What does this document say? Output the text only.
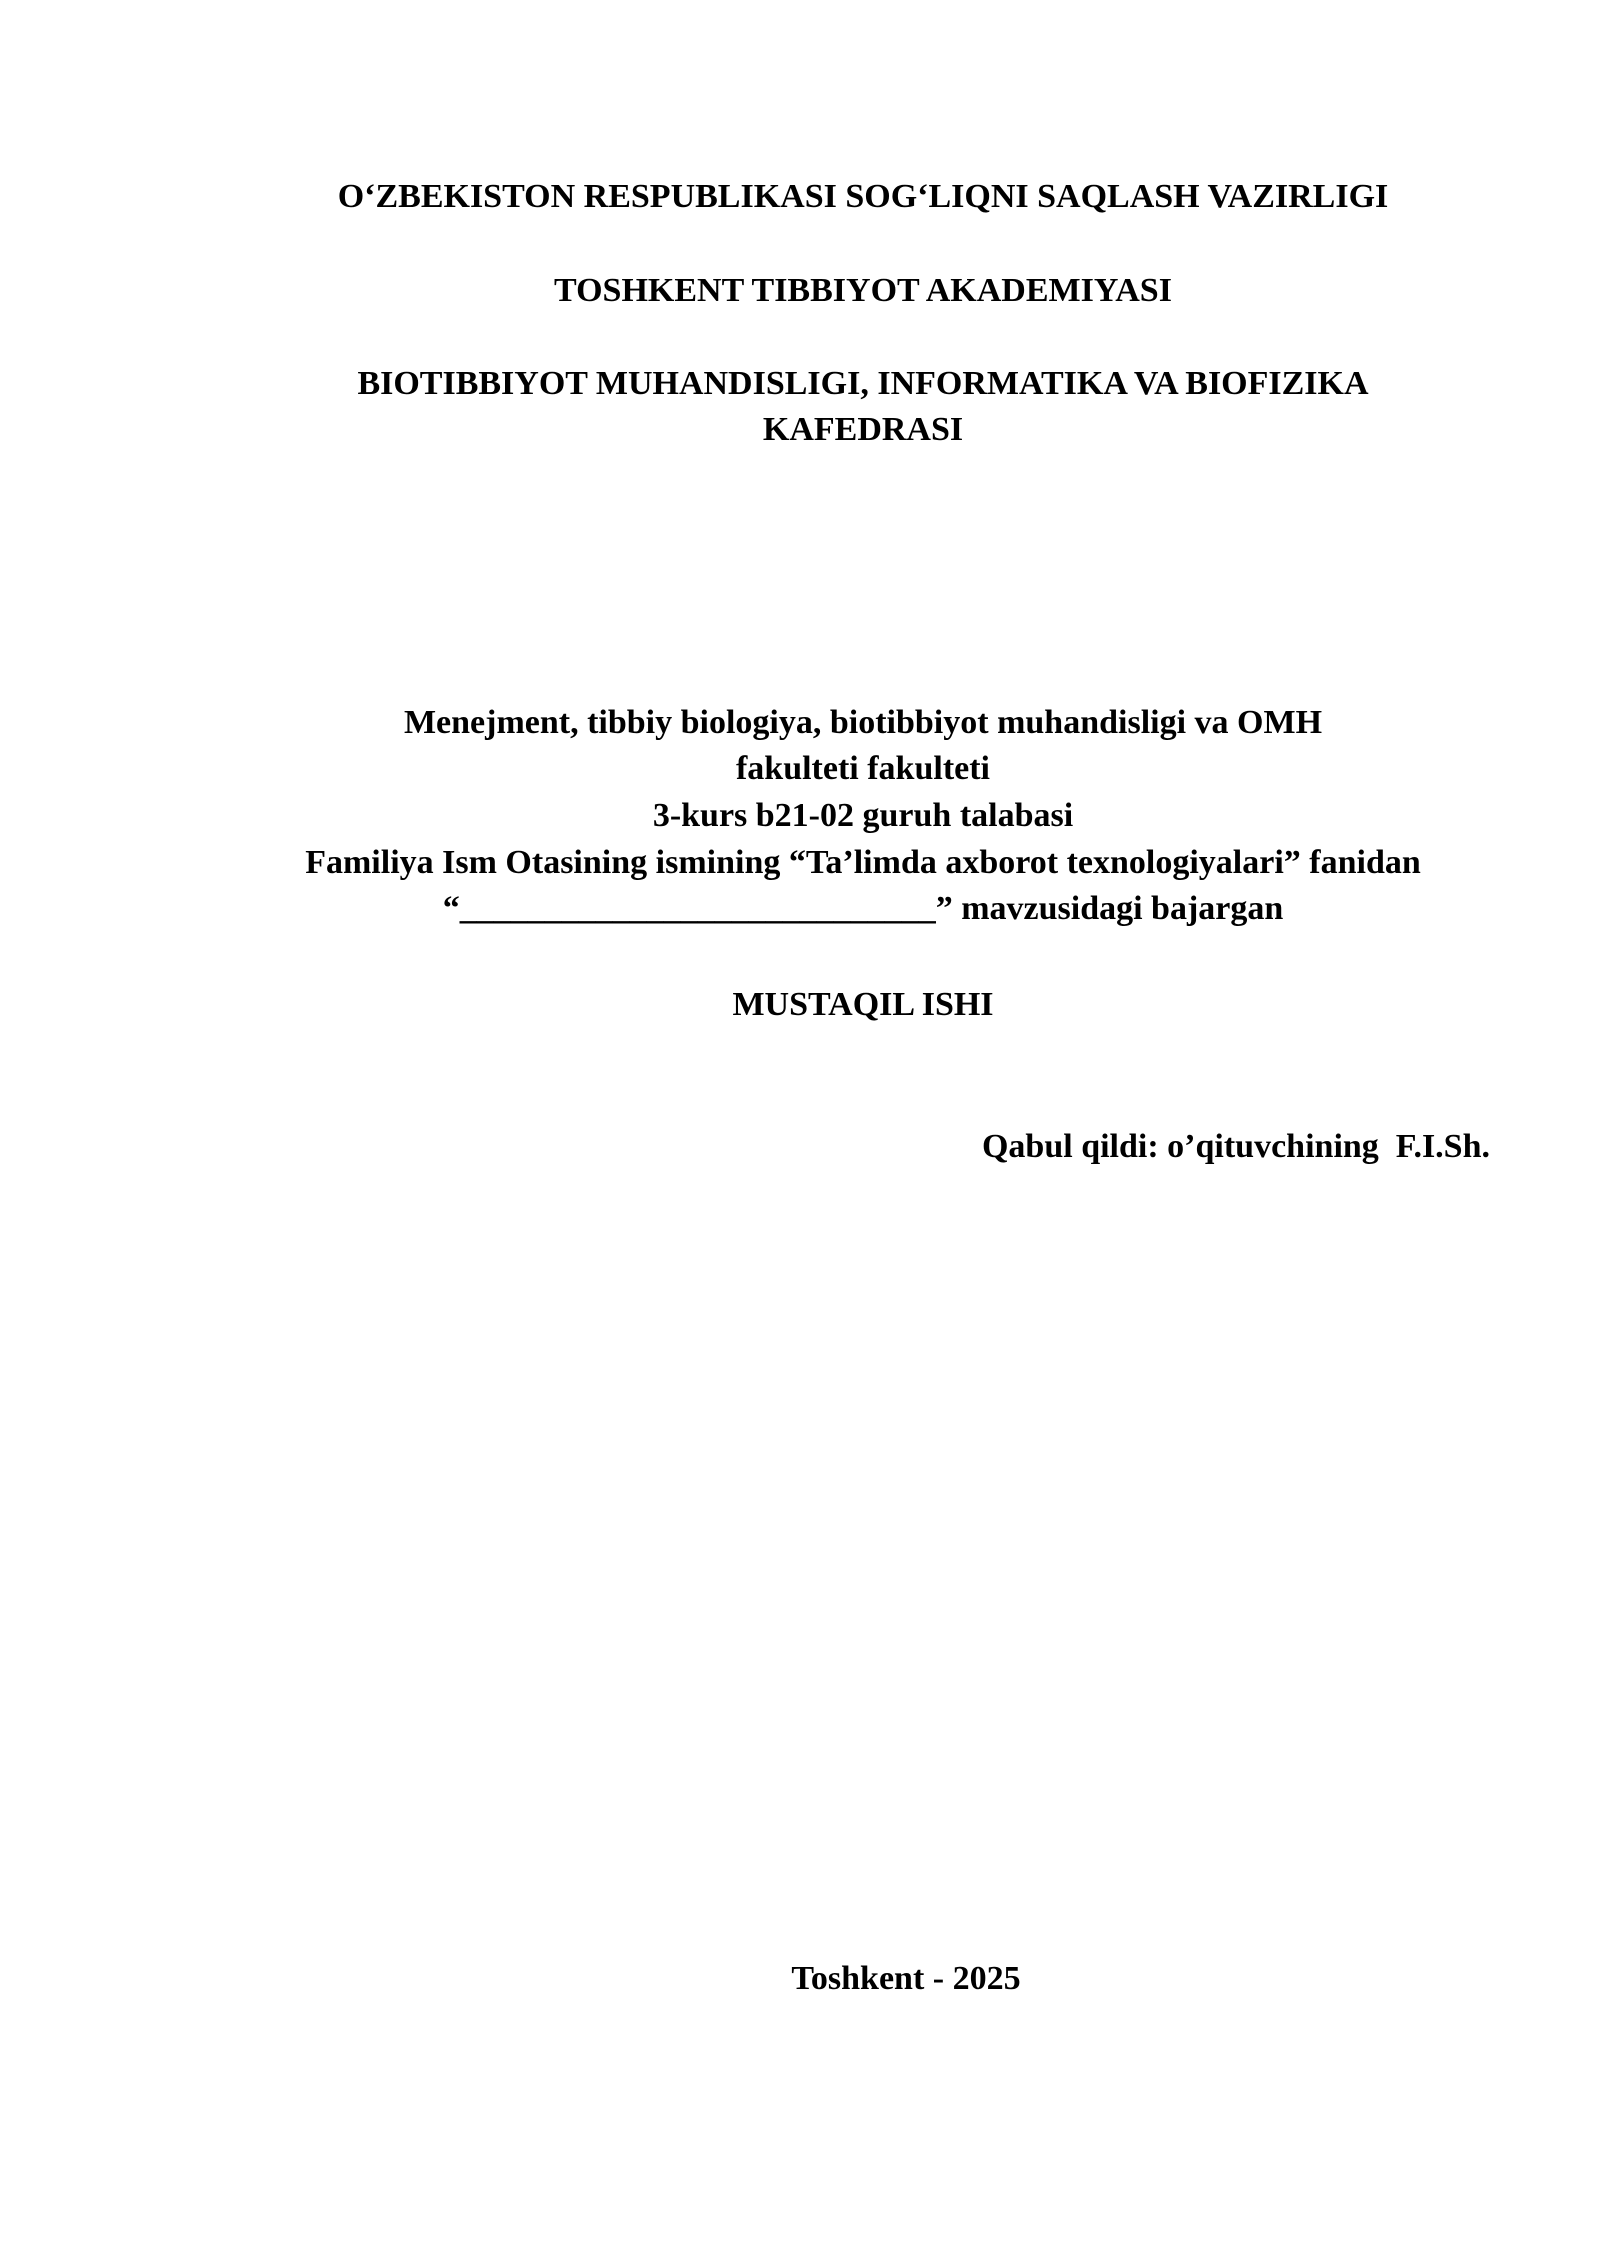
O‘ZBEKISTON RESPUBLIKASI SOG‘LIQNI SAQLASH VAZIRLIGI
TOSHKENT TIBBIYOT AKADEMIYASI
BIOTIBBIYOT MUHANDISLIGI, INFORMATIKA VA BIOFIZIKA
KAFEDRASI
Menejment, tibbiy biologiya, biotibbiyot muhandisligi va OMH
fakulteti fakulteti
3-kurs b21-02 guruh talabasi
Familiya Ism Otasining ismining “Ta’limda axborot texnologiyalari” fanidan
“____________________________” mavzusidagi bajargan
MUSTAQIL ISHI
Qabul qildi: o’qituvchining  F.I.Sh.
Toshkent - 2025
